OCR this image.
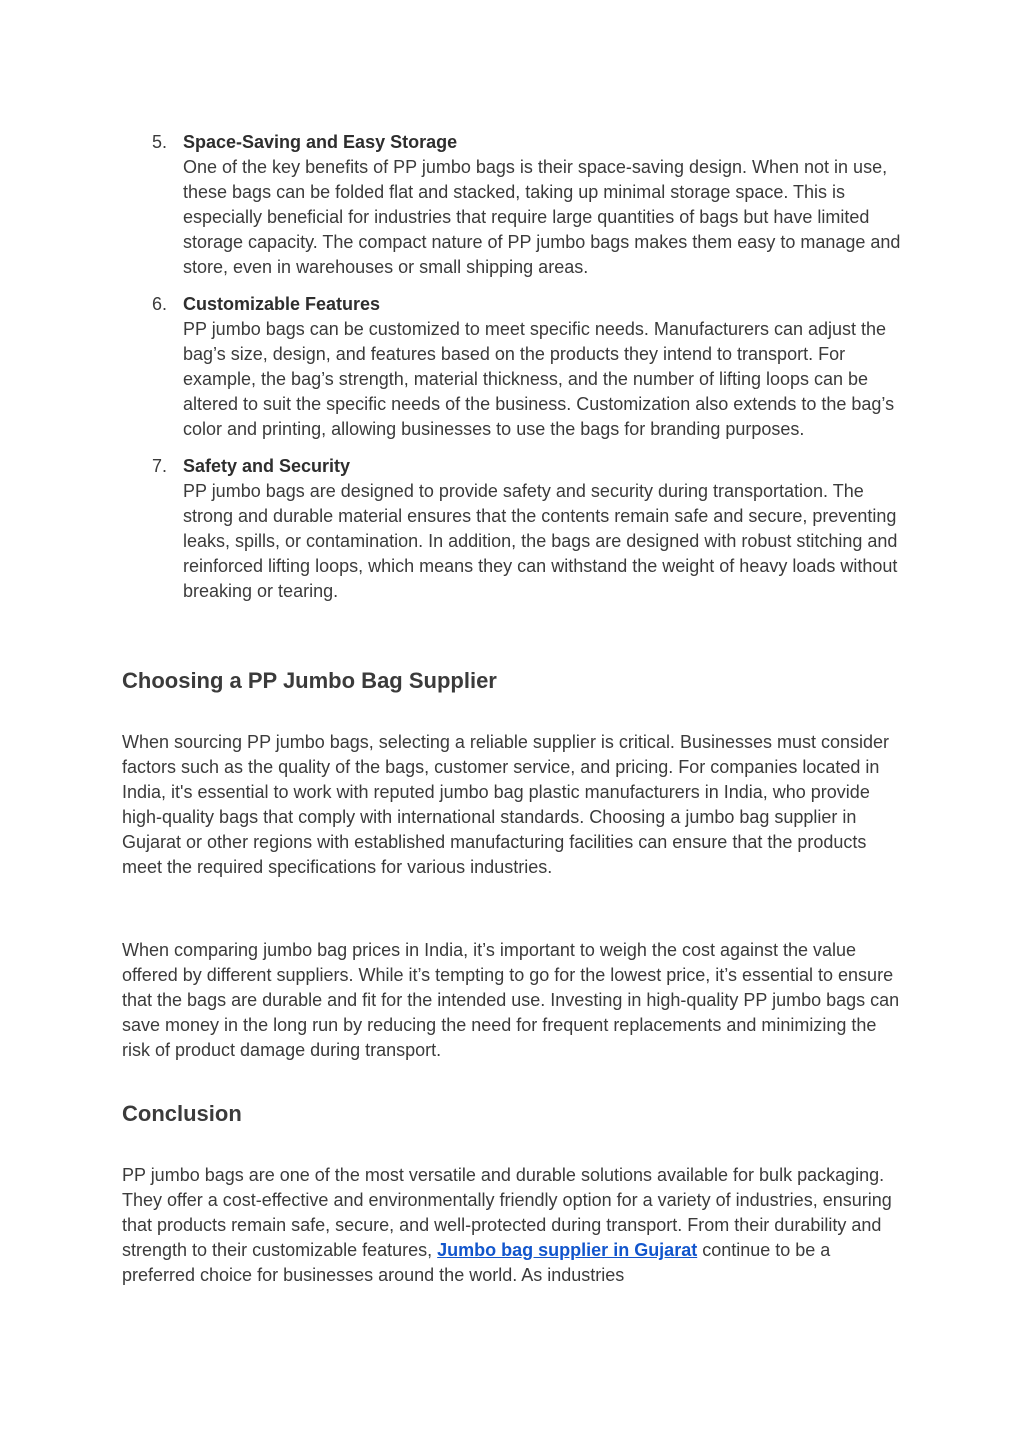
5. Space-Saving and Easy Storage
One of the key benefits of PP jumbo bags is their space-saving design. When not in use, these bags can be folded flat and stacked, taking up minimal storage space. This is especially beneficial for industries that require large quantities of bags but have limited storage capacity. The compact nature of PP jumbo bags makes them easy to manage and store, even in warehouses or small shipping areas.
6. Customizable Features
PP jumbo bags can be customized to meet specific needs. Manufacturers can adjust the bag’s size, design, and features based on the products they intend to transport. For example, the bag’s strength, material thickness, and the number of lifting loops can be altered to suit the specific needs of the business. Customization also extends to the bag’s color and printing, allowing businesses to use the bags for branding purposes.
7. Safety and Security
PP jumbo bags are designed to provide safety and security during transportation. The strong and durable material ensures that the contents remain safe and secure, preventing leaks, spills, or contamination. In addition, the bags are designed with robust stitching and reinforced lifting loops, which means they can withstand the weight of heavy loads without breaking or tearing.
Choosing a PP Jumbo Bag Supplier

When sourcing PP jumbo bags, selecting a reliable supplier is critical. Businesses must consider factors such as the quality of the bags, customer service, and pricing. For companies located in India, it's essential to work with reputed jumbo bag plastic manufacturers in India, who provide high-quality bags that comply with international standards. Choosing a jumbo bag supplier in Gujarat or other regions with established manufacturing facilities can ensure that the products meet the required specifications for various industries.

When comparing jumbo bag prices in India, it’s important to weigh the cost against the value offered by different suppliers. While it’s tempting to go for the lowest price, it’s essential to ensure that the bags are durable and fit for the intended use. Investing in high-quality PP jumbo bags can save money in the long run by reducing the need for frequent replacements and minimizing the risk of product damage during transport.

Conclusion

PP jumbo bags are one of the most versatile and durable solutions available for bulk packaging. They offer a cost-effective and environmentally friendly option for a variety of industries, ensuring that products remain safe, secure, and well-protected during transport. From their durability and strength to their customizable features, Jumbo bag supplier in Gujarat continue to be a preferred choice for businesses around the world. As industries
